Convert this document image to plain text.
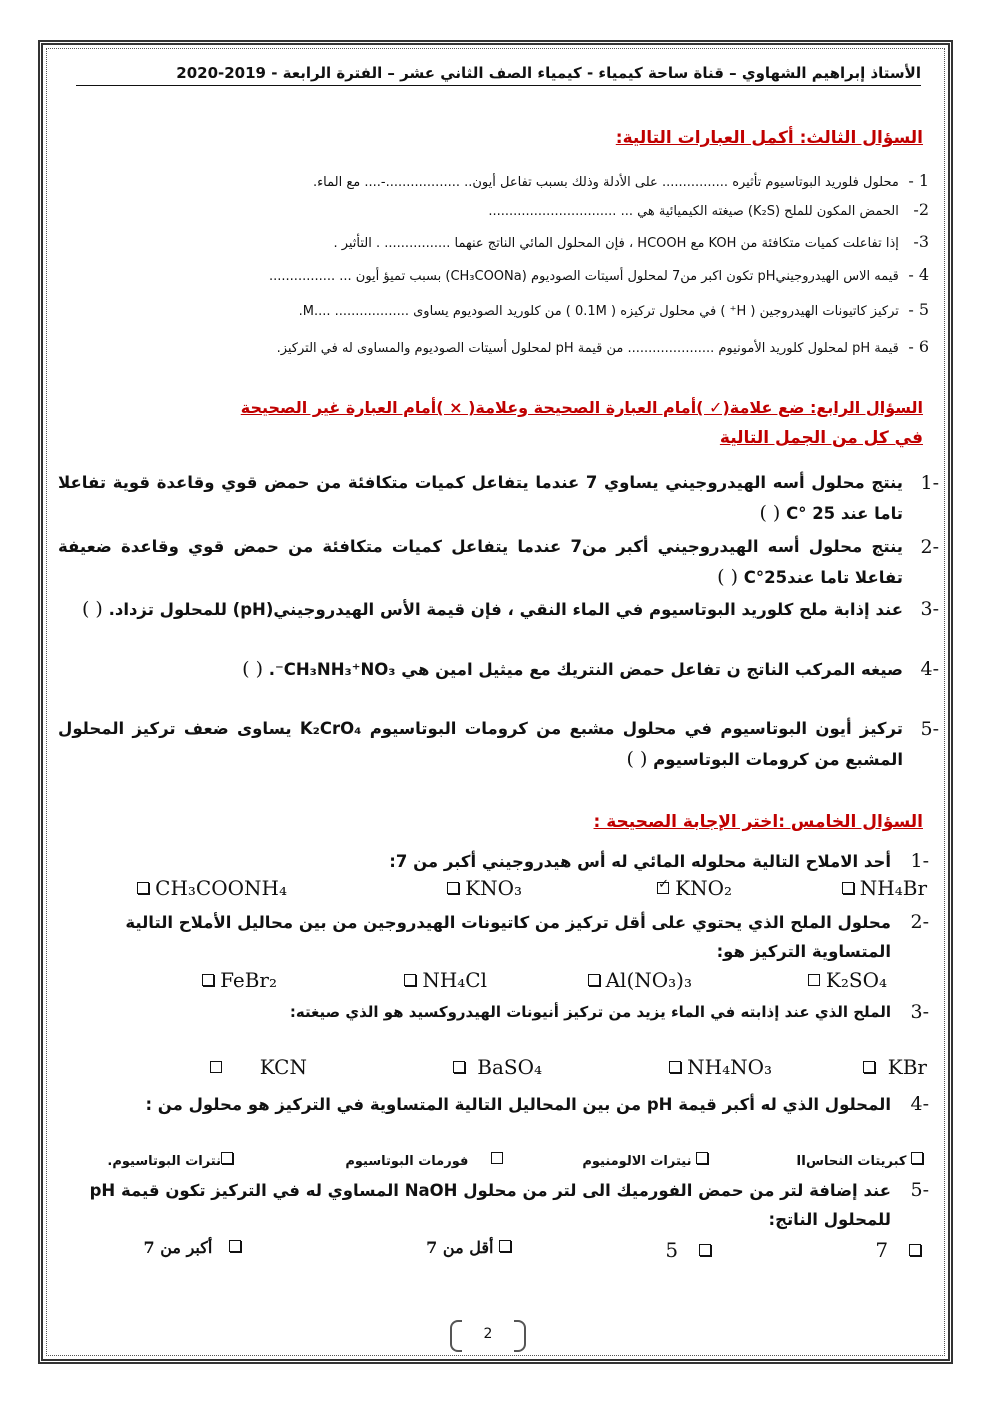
الأستاذ إبراهيم الشهاوي – قناة ساحة كيمياء - كيمياء الصف الثاني عشر – الفترة الرابعة - 2019-2020
السؤال الثالث: أكمل العبارات التالية:
1 - محلول فلوريد البوتاسيوم تأثيره ................ على الأدلة وذلك بسبب تفاعل أيون.. ..................-.... مع الماء.
2- الحمض المكون للملح (K₂S) صيغته الكيميائية هي ... ...............................
3- إذا تفاعلت كميات متكافئة من KOH مع HCOOH ، فإن المحلول المائي الناتج عنهما ................ . التأثير .
4 - قيمه الاس الهيدروجينيpH تكون اكبر من7 لمحلول أسيتات الصوديوم (CH₃COONa) بسبب تميؤ أيون ... ................
5 - تركيز كاتيونات الهيدروجين ( H⁺ ) في محلول تركيزه ( 0.1M ) من كلوريد الصوديوم يساوى .................. ....M.
6 - قيمة pH لمحلول كلوريد الأمونيوم ..................... من قيمة pH لمحلول أسيتات الصوديوم والمساوى له في التركيز.
السؤال الرابع: ضع علامة(✓ )أمام العبارة الصحيحة وعلامة( × )أمام العبارة غير الصحيحة
في كل من الجمل التالية
-1
ينتج محلول أسه الهيدروجيني يساوي 7 عندما يتفاعل كميات متكافئة من حمض قوي وقاعدة قوية تفاعلا تاما عند 25 °C ( )
-2
ينتج محلول أسه الهيدروجيني أكبر من7 عندما يتفاعل كميات متكافئة من حمض قوي وقاعدة ضعيفة تفاعلا تاما عند25°C ( )
-3
عند إذابة ملح كلوريد البوتاسيوم في الماء النقي ، فإن قيمة الأس الهيدروجيني(pH) للمحلول تزداد. ( )
-4
صيغه المركب الناتج ن تفاعل حمض النتريك مع ميثيل امين هي CH₃NH₃⁺NO₃⁻. ( )
-5
تركيز أيون البوتاسيوم في محلول مشبع من كرومات البوتاسيوم K₂CrO₄ يساوى ضعف تركيز المحلول المشبع من كرومات البوتاسيوم ( )
السؤال الخامس :اختر الإجابة الصحيحة :
-1
أحد الاملاح التالية محلوله المائي له أس هيدروجيني أكبر من 7:
NH₄Br
KNO₂✓
KNO₃
CH₃COONH₄
-2
محلول الملح الذي يحتوي على أقل تركيز من كاتيونات الهيدروجين من بين محاليل الأملاح التالية المتساوية التركيز هو:
K₂SO₄
Al(NO₃)₃
NH₄Cl
FeBr₂
-3
الملح الذي عند إذابته في الماء يزيد من تركيز أنيونات الهيدروكسيد هو الذي صيغته:
KBr
NH₄NO₃
BaSO₄
KCN
-4
المحلول الذي له أكبر قيمة pH من بين المحاليل التالية المتساوية في التركيز هو محلول من :
كبريتات النحاسII
نيترات الالومنيوم
فورمات البوتاسيوم
نترات البوتاسيوم.
-5
عند إضافة لتر من حمض الفورميك الى لتر من محلول NaOH المساوي له في التركيز تكون قيمة pH للمحلول الناتج:
7
5
أقل من 7
أكبر من 7
2
